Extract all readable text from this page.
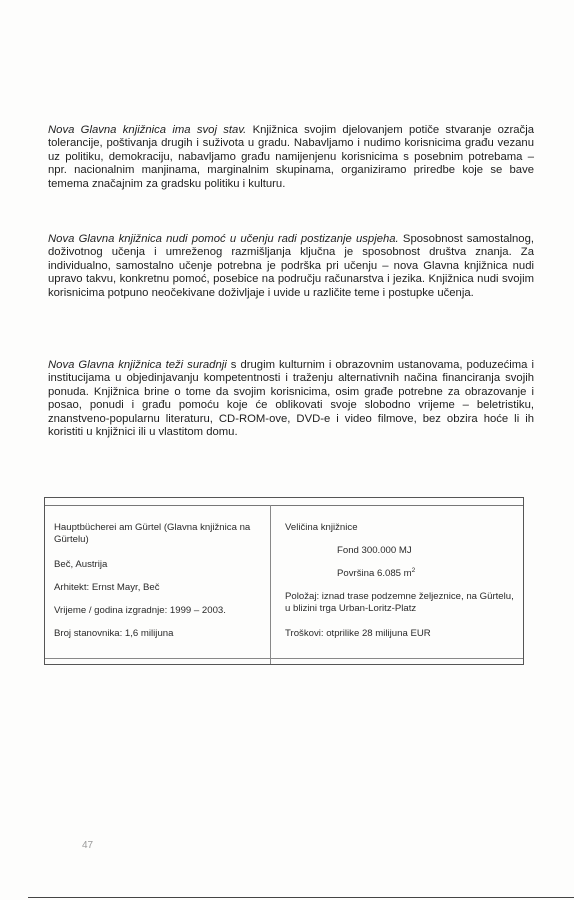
Nova Glavna knjižnica ima svoj stav. Knjižnica svojim djelovanjem potiče stvaranje ozračja tolerancije, poštivanja drugih i suživota u gradu. Nabavljamo i nudimo korisnicima građu vezanu uz politiku, demokraciju, nabavljamo građu namijenjenu korisnicima s posebnim potrebama – npr. nacionalnim manjinama, marginalnim skupinama, organiziramo priredbe koje se bave temema značajnim za gradsku politiku i kulturu.

Nova Glavna knjižnica nudi pomoć u učenju radi postizanje uspjeha. Sposobnost samostalnog, doživotnog učenja i umreženog razmišljanja ključna je sposobnost društva znanja. Za individualno, samostalno učenje potrebna je podrška pri učenju – nova Glavna knjižnica nudi upravo takvu, konkretnu pomoć, posebice na području računarstva i jezika. Knjižnica nudi svojim korisnicima potpuno neočekivane doživljaje i uvide u različite teme i postupke učenja.

Nova Glavna knjižnica teži suradnji s drugim kulturnim i obrazovnim ustanovama, poduzećima i institucijama u objedinjavanju kompetentnosti i traženju alternativnih načina financiranja svojih ponuda. Knjižnica brine o tome da svojim korisnicima, osim građe potrebne za obrazovanje i posao, ponudi i građu pomoću koje će oblikovati svoje slobodno vrijeme – beletristiku, znanstveno-popularnu literaturu, CD-ROM-ove, DVD-e i video filmove, bez obzira hoće li ih koristiti u knjižnici ili u vlastitom domu.

Hauptbücherei am Gürtel (Glavna knjižnica na Gürtelu)

Beč, Austrija

Arhitekt: Ernst Mayr, Beč

Vrijeme / godina izgradnje: 1999 – 2003.

Broj stanovnika: 1,6 milijuna

Veličina knjižnice

Fond 300.000 MJ

Površina 6.085 $m^2$

Položaj: iznad trase podzemne željeznice, na Gürtelu, u blizini trga Urban-Loritz-Platz

Troškovi: otprilike 28 milijuna EUR

47
